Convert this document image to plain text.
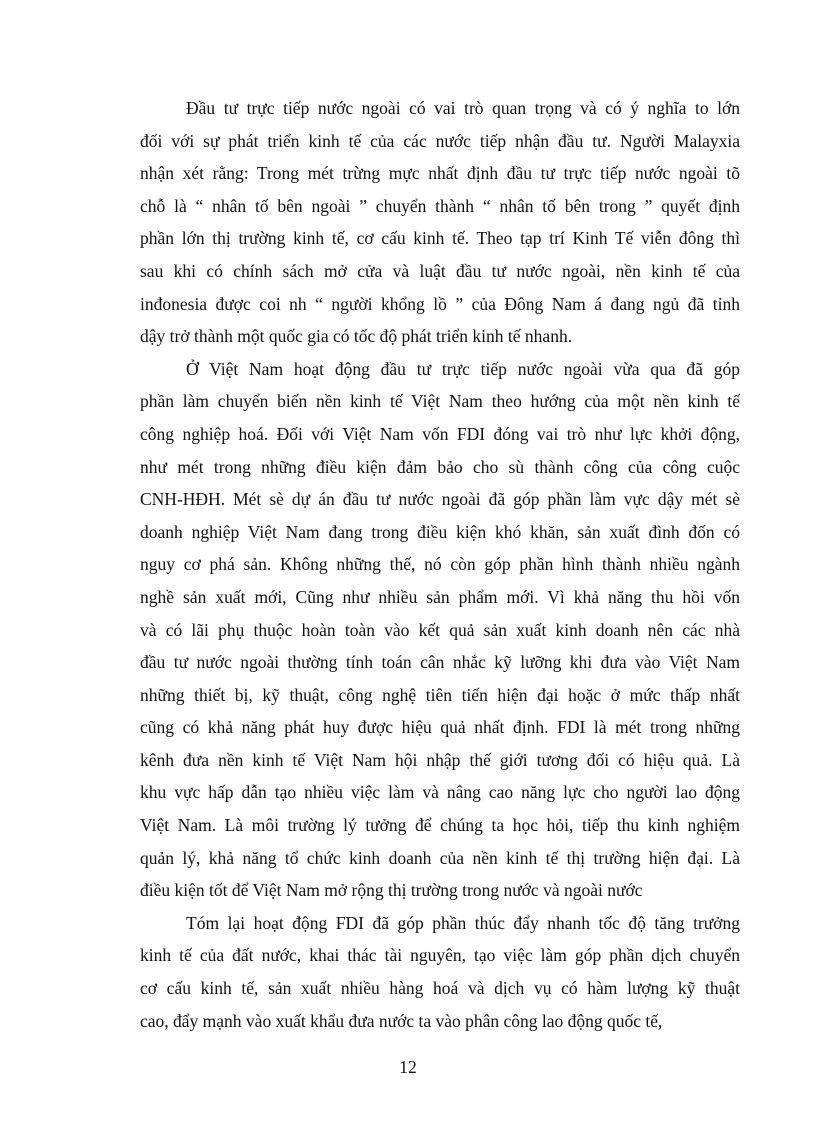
Đầu tư trực tiếp nước ngoài có vai trò quan trọng và có ý nghĩa to lớn
đối với sự phát triển kinh tế của các nước tiếp nhận đầu tư. Người Malayxia
nhận xét rằng: Trong mét trừng mực nhất định đầu tư trực tiếp nước ngoài tõ
chỗ là “ nhân tố bên ngoài ” chuyển thành “ nhân tố bên trong ” quyết định
phần lớn thị trường kinh tế, cơ cấu kinh tế. Theo tạp trí Kinh Tế viễn đông thì
sau khi có chính sách mở cửa và luật đầu tư nước ngoài, nền kinh tế của
inđonesia được coi nh “ người khổng lồ ” của Đông Nam á đang ngủ đã tỉnh
dậy trở thành một quốc gia có tốc độ phát triển kinh tế nhanh.
Ở Việt Nam hoạt động đầu tư trực tiếp nước ngoài vừa qua đã góp
phần làm chuyển biến nền kinh tế Việt Nam theo hướng của một nền kinh tế
công nghiệp hoá. Đối với Việt Nam vốn FDI đóng vai trò như lực khởi động,
như mét trong những điều kiện đảm bảo cho sù thành công của công cuộc
CNH-HĐH. Mét sè dự án đầu tư nước ngoài đã góp phần làm vực dậy mét sè
doanh nghiệp Việt Nam đang trong điều kiện khó khăn, sản xuất đình đốn có
nguy cơ phá sản. Không những thế, nó còn góp phần hình thành nhiều ngành
nghề sản xuất mới, Cũng như nhiều sản phẩm mới. Vì khả năng thu hồi vốn
và có lãi phụ thuộc hoàn toàn vào kết quả sản xuất kinh doanh nên các nhà
đầu tư nước ngoài thường tính toán cân nhắc kỹ lưỡng khi đưa vào Việt Nam
những thiết bị, kỹ thuật, công nghệ tiên tiến hiện đại hoặc ở mức thấp nhất
cũng có khả năng phát huy được hiệu quả nhất định. FDI là mét trong những
kênh đưa nền kinh tế Việt Nam hội nhập thế giới tương đối có hiệu quả. Là
khu vực hấp dẫn tạo nhiều việc làm và nâng cao năng lực cho người lao động
Việt Nam. Là môi trường lý tưởng để chúng ta học hỏi, tiếp thu kinh nghiệm
quản lý, khả năng tổ chức kinh doanh của nền kinh tế thị trường hiện đại. Là
điều kiện tốt để Việt Nam mở rộng thị trường trong nước và ngoài nước
Tóm lại hoạt động FDI đã góp phần thúc đẩy nhanh tốc độ tăng trưởng
kinh tế của đất nước, khai thác tài nguyên, tạo việc làm góp phần dịch chuyển
cơ cấu kinh tế, sản xuất nhiều hàng hoá và dịch vụ có hàm lượng kỹ thuật
cao, đẩy mạnh vào xuất khẩu đưa nước ta vào phân công lao động quốc tế,
12
